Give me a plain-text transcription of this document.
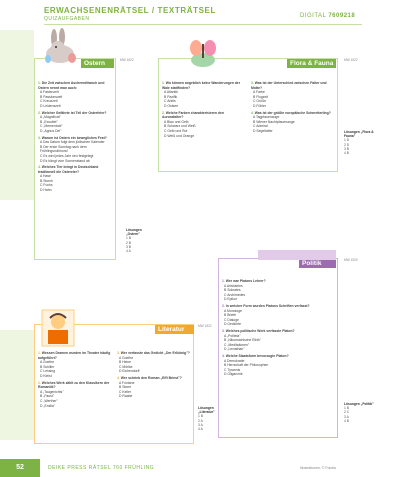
ERWACHSENENRÄTSEL / TEXTRÄTSEL
QUIZAUFGABEN	DIGITAL 7609218
Ostern
1. Die Zeit zwischen Aschermittwoch und Ostern nennt man auch:
A Fastenzeit
B Passionszeit
C Kreuzzeit
D Leidenszeit
2. Welcher Gefährte ist Teil der Osterfeier?
A „Magnificat"
B „Exsultet"
C „Mementote"
D „Agnus Dei"
3. Warum ist Ostern ein bewegliches Fest?
A Das Datum folgt dem jüdischen Kalender
B Der erste Sonntag nach dem Frühlingsvollmond
C Es wird jedes Jahr neu festgelegt
D Es hängt vom Sonnenstand ab
4. Welches Tier bringt in Deutschland traditionell die Ostereier?
A Hase
B Storch
C Fuchs
D Hahn
MW 1622
Lösungen „Ostern"
1 B
2 B
3 B
4 A
Flora & Fauna
1. Wo können angeblich keine Wanderungen der Wale stattfinden?
A Atlantik
B Pazifik
C Arktis
D Ostsee
2. Welche Farben charakterisieren den Aurorafalter?
A Blau und Gelb
B Schwarz und Weiß
C Gelb und Rot
D Weiß und Orange
3. Was ist der Unterschied zwischen Falter und Motte?
A Farbe
B Flugzeit
C Größe
D Fühler
4. Was ist der größte europäische Schmetterling?
A Tagpfauenauge
B Wiener Nachtpfauenauge
C Admiral
D Segelfalter
MW 1522
Lösungen „Flora & Fauna"
1 D
2 D
3 B
4 B
Politik
1. Wer war Platons Lehrer?
A Aristoteles
B Sokrates
C Archimedes
D Epikur
2. In welcher Form wurden Platons Schriften verfasst?
A Monologe
B Briefe
C Dialoge
D Gedichte
3. Welches politische Werk verfasste Platon?
A „Politeia"
B „Nikomachische Ethik"
C „Meditationen"
D „Leviathan"
4. Welche Staatsform bevorzugte Platon?
A Demokratie
B Herrschaft der Philosophen
C Tyrannis
D Oligarchie
MW 1520
Lösungen „Politik"
1 B
2 C
3 A
4 B
Literatur
1. Wessen Dramen wurden im Theater häufig aufgeführt?
A Goethe
B Schiller
C Lessing
D Kleist
2. Welches Werk zählt zu den Klassikern der Romantik?
A „Taugenichts"
B „Faust"
C „Werther"
D „Emilia"
3. Wer verfasste das Gedicht „Der Erlkönig"?
A Goethe
B Heine
C Mörike
D Eichendorff
4. Wer schrieb den Roman „Effi Briest"?
A Fontane
B Storm
C Keller
D Raabe
MW 1522
Lösungen „Literatur"
1 B
2 A
3 A
4 A
52	DEIKE PRESS RÄTSEL 760 FRÜHLING	Illustrationen: © Fotolia
